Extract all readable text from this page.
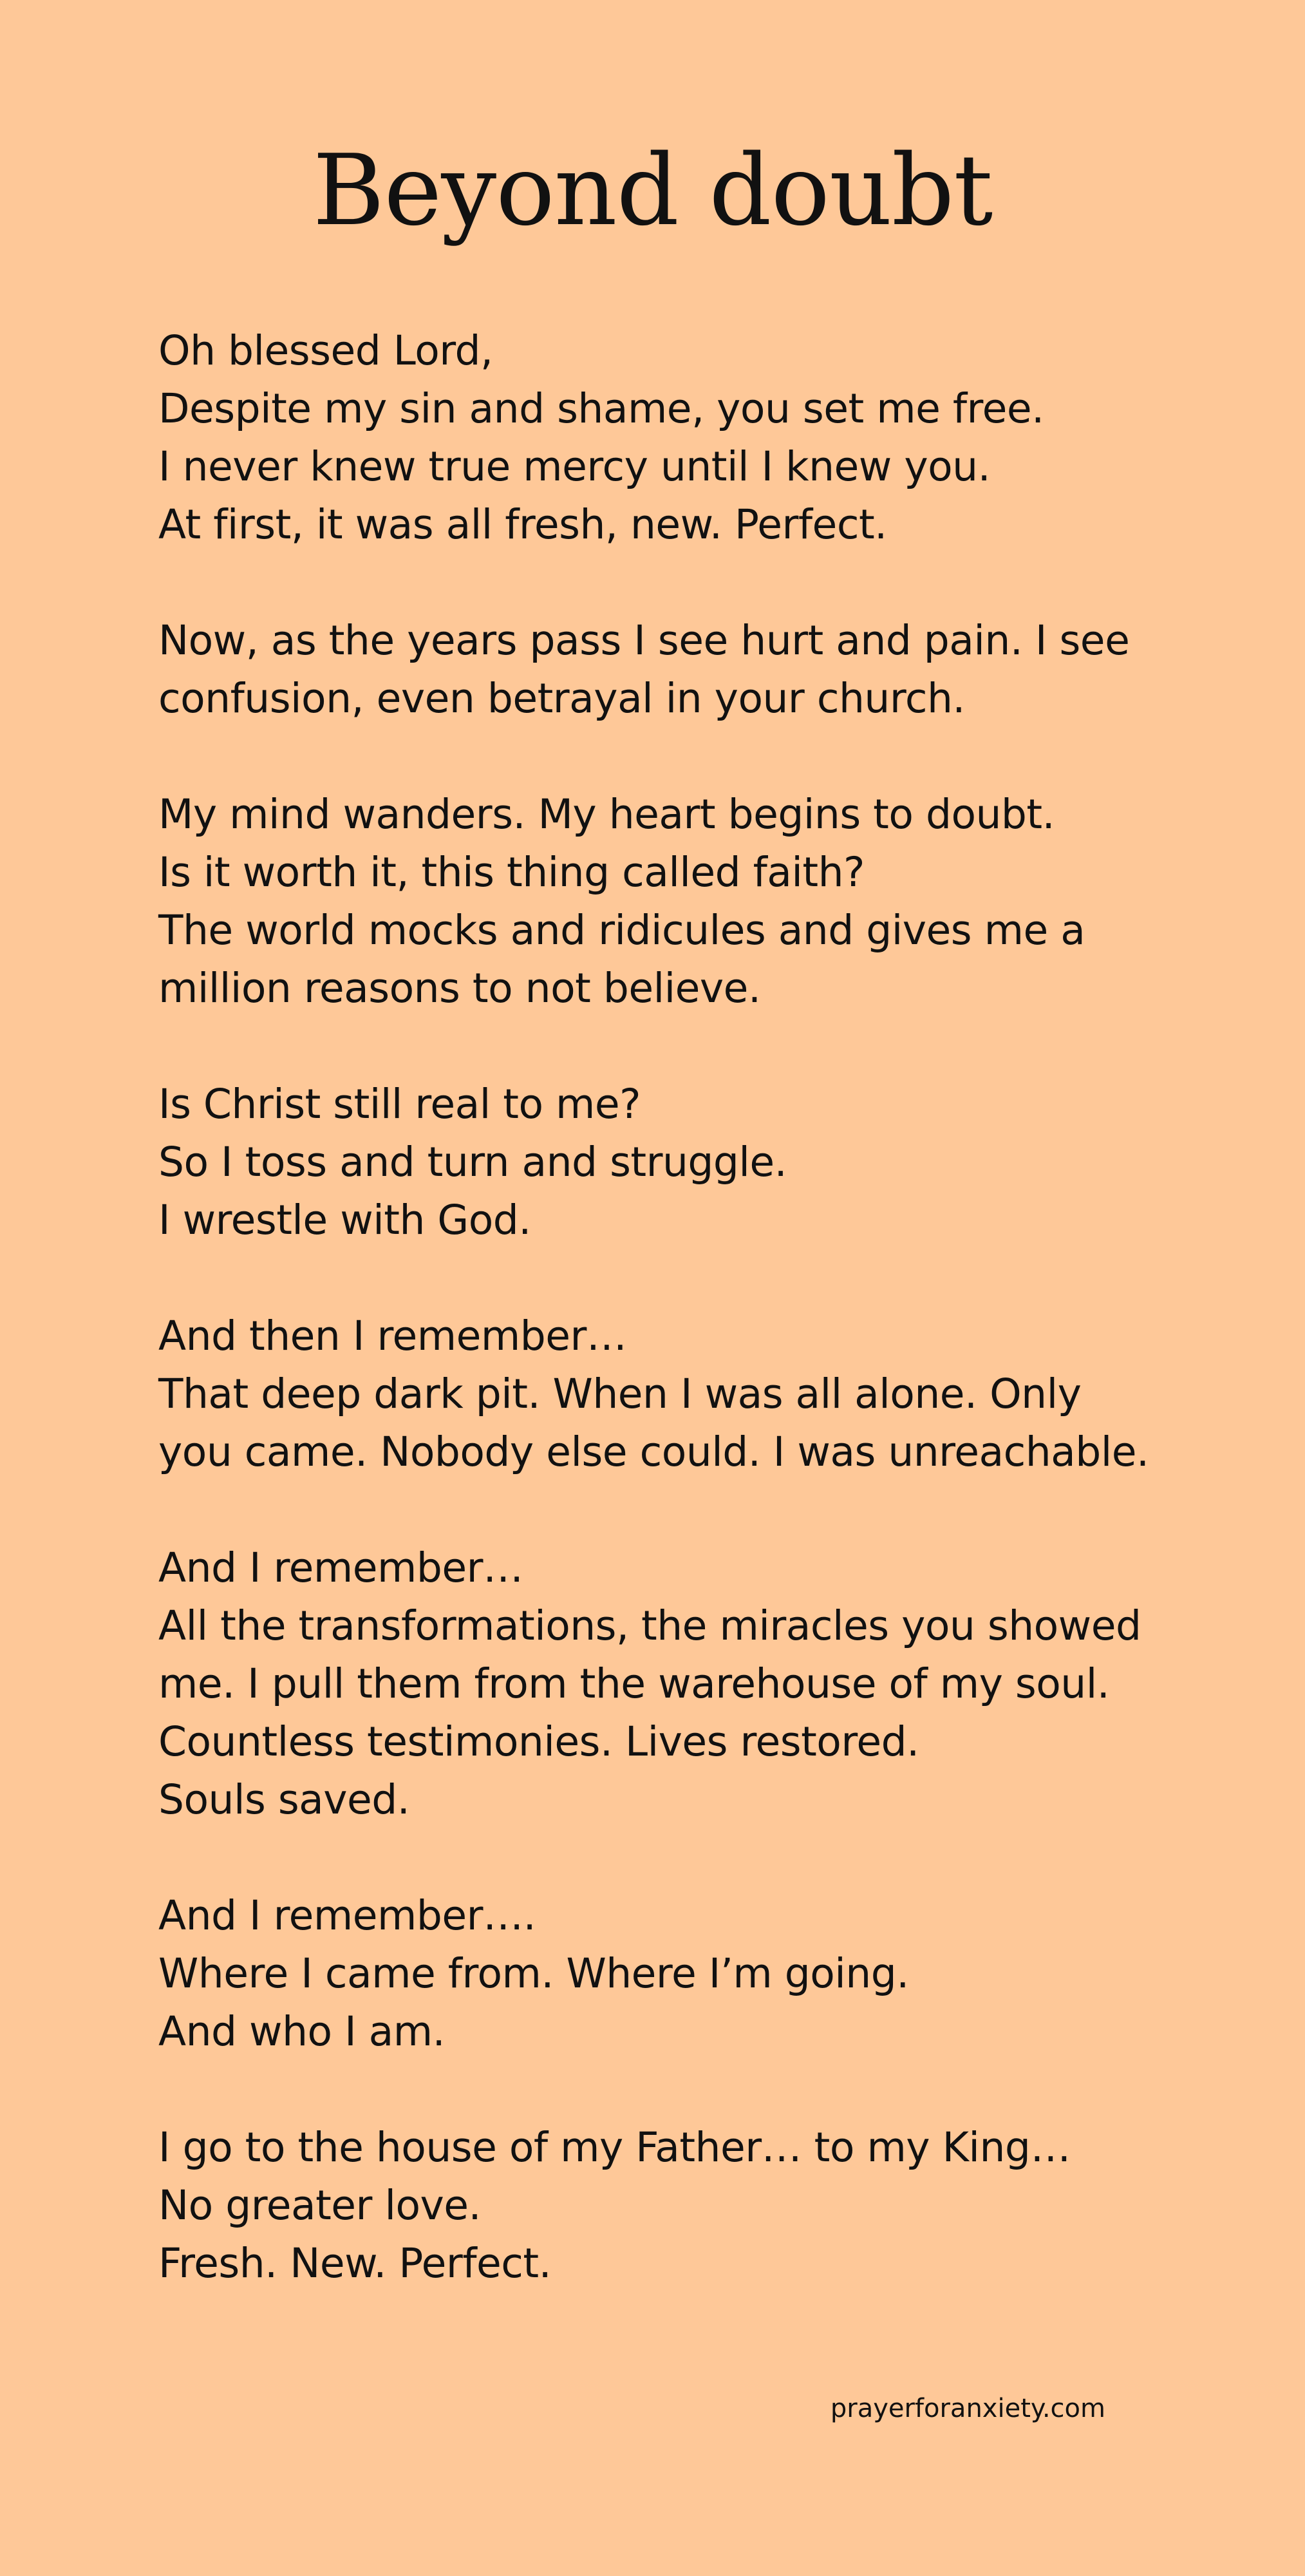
Beyond doubt
Oh blessed Lord,
Despite my sin and shame, you set me free.
I never knew true mercy until I knew you.
At first, it was all fresh, new. Perfect.
Now, as the years pass I see hurt and pain. I see
confusion, even betrayal in your church.
My mind wanders. My heart begins to doubt.
Is it worth it, this thing called faith?
The world mocks and ridicules and gives me a
million reasons to not believe.
Is Christ still real to me?
So I toss and turn and struggle.
I wrestle with God.
And then I remember…
That deep dark pit. When I was all alone. Only
you came. Nobody else could. I was unreachable.
And I remember…
All the transformations, the miracles you showed
me. I pull them from the warehouse of my soul.
Countless testimonies. Lives restored.
Souls saved.
And I remember….
Where I came from. Where I’m going.
And who I am.
I go to the house of my Father… to my King…
No greater love.
Fresh. New. Perfect.
prayerforanxiety.com
